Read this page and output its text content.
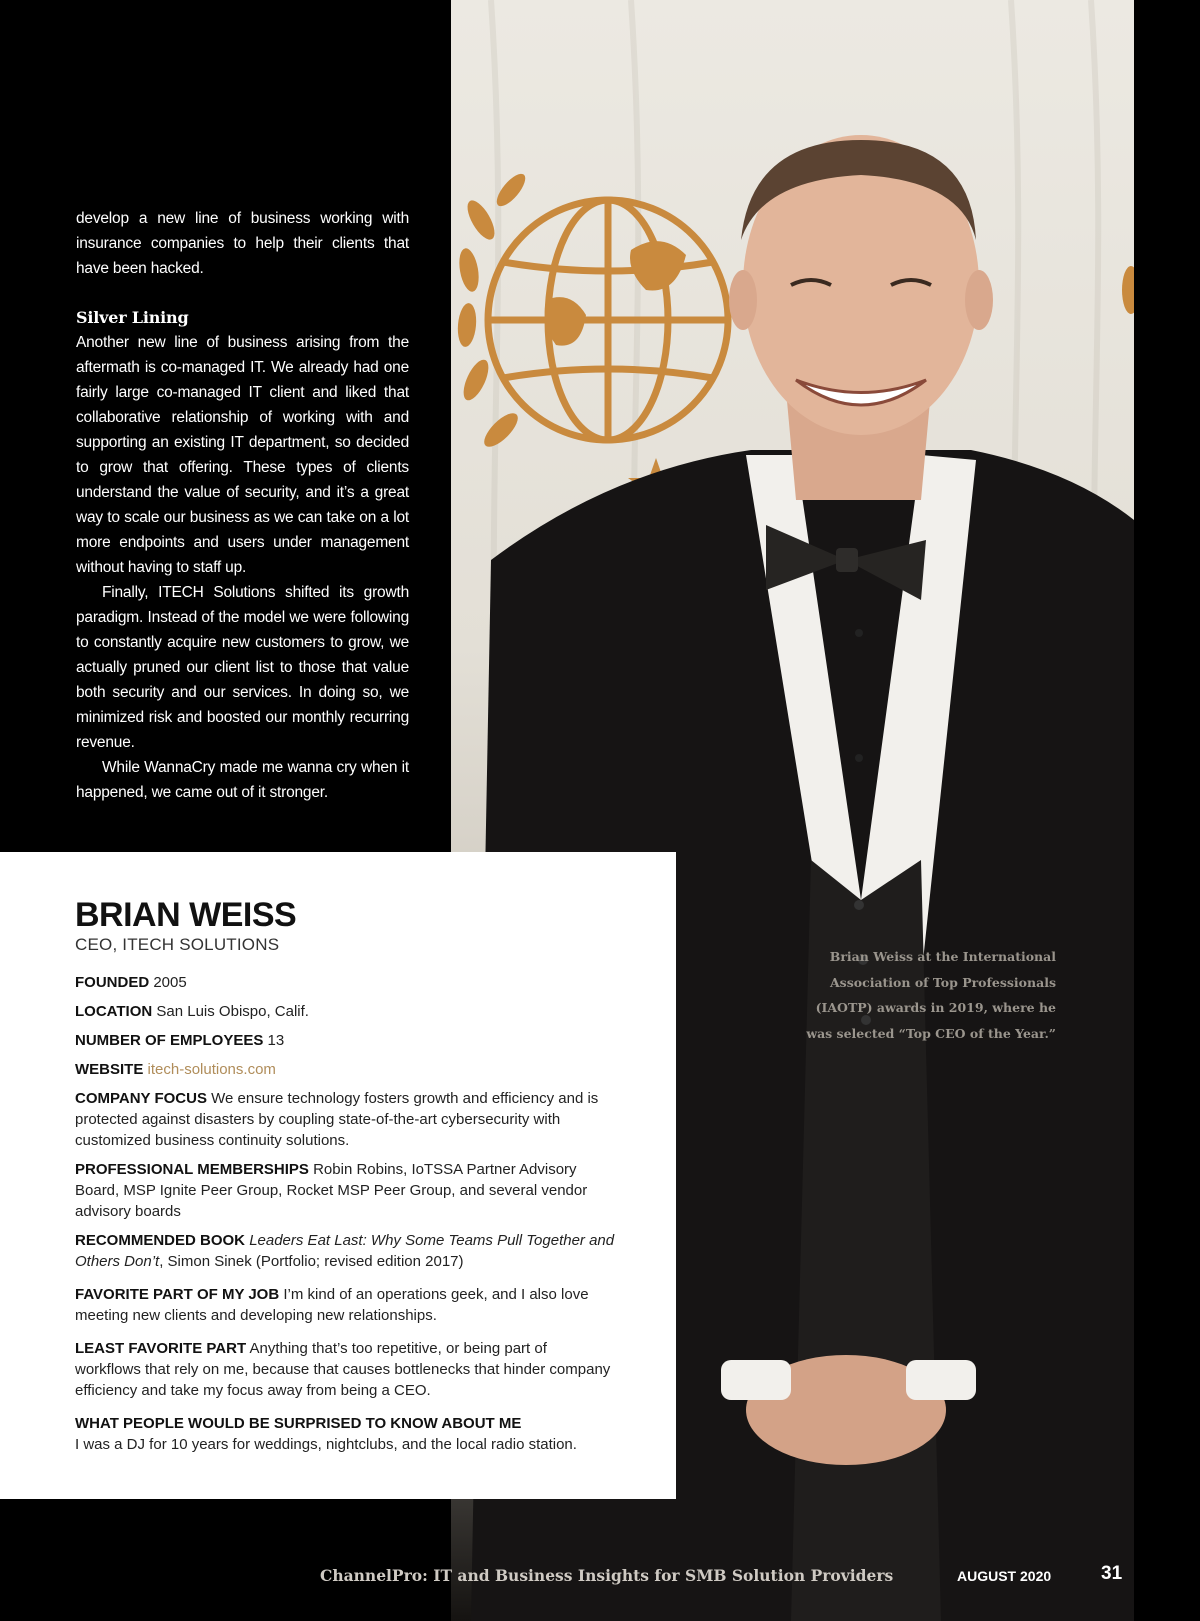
Brian Weiss at the International Association of Top Professionals (IAOTP) awards in 2019, where he was selected “Top CEO of the Year.”

develop a new line of business working with insurance companies to help their clients that have been hacked.

Silver Lining

Another new line of business arising from the aftermath is co-managed IT. We already had one fairly large co-managed IT client and liked that collaborative relationship of working with and supporting an existing IT department, so decided to grow that offering. These types of clients understand the value of security, and it’s a great way to scale our business as we can take on a lot more endpoints and users under management without having to staff up.

Finally, ITECH Solutions shifted its growth paradigm. Instead of the model we were following to constantly acquire new customers to grow, we actually pruned our client list to those that value both security and our services. In doing so, we minimized risk and boosted our monthly recurring revenue.

While WannaCry made me wanna cry when it happened, we came out of it stronger.

BRIAN WEISS
CEO, ITECH SOLUTIONS
FOUNDED 2005
LOCATION San Luis Obispo, Calif.
NUMBER OF EMPLOYEES 13
WEBSITE itech-solutions.com
COMPANY FOCUS We ensure technology fosters growth and efficiency and is protected against disasters by coupling state-of-the-art cybersecurity with customized business continuity solutions.
PROFESSIONAL MEMBERSHIPS Robin Robins, IoTSSA Partner Advisory Board, MSP Ignite Peer Group, Rocket MSP Peer Group, and several vendor advisory boards
RECOMMENDED BOOK Leaders Eat Last: Why Some Teams Pull Together and Others Don’t, Simon Sinek (Portfolio; revised edition 2017)
FAVORITE PART OF MY JOB I’m kind of an operations geek, and I also love meeting new clients and developing new relationships.
LEAST FAVORITE PART Anything that’s too repetitive, or being part of workflows that rely on me, because that causes bottlenecks that hinder company efficiency and take my focus away from being a CEO.
WHAT PEOPLE WOULD BE SURPRISED TO KNOW ABOUT ME
I was a DJ for 10 years for weddings, nightclubs, and the local radio station.
ChannelPro: IT and Business Insights for SMB Solution Providers	AUGUST 2020	31
